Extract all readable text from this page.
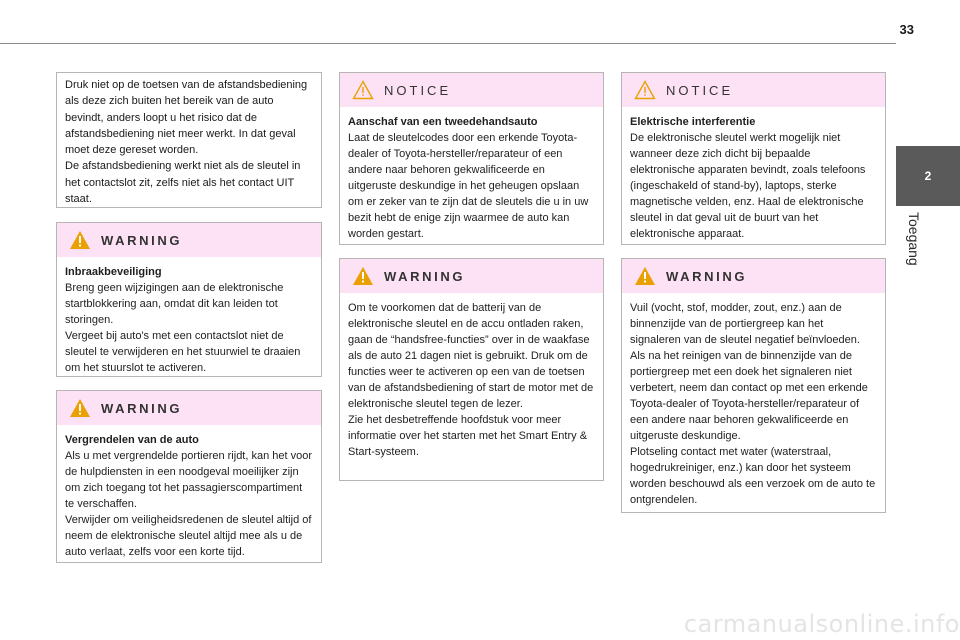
33
2
Toegang

Druk niet op de toetsen van de afstandsbediening als deze zich buiten het bereik van de auto bevindt, anders loopt u het risico dat de afstandsbediening niet meer werkt. In dat geval moet deze gereset worden.

De afstandsbediening werkt niet als de sleutel in het contactslot zit, zelfs niet als het contact UIT staat.

WARNING

Inbraakbeveiliging

Breng geen wijzigingen aan de elektronische startblokkering aan, omdat dit kan leiden tot storingen.

Vergeet bij auto's met een contactslot niet de sleutel te verwijderen en het stuurwiel te draaien om het stuurslot te activeren.

WARNING

Vergrendelen van de auto

Als u met vergrendelde portieren rijdt, kan het voor de hulpdiensten in een noodgeval moeilijker zijn om zich toegang tot het passagierscompartiment te verschaffen.

Verwijder om veiligheidsredenen de sleutel altijd of neem de elektronische sleutel altijd mee als u de auto verlaat, zelfs voor een korte tijd.

NOTICE

Aanschaf van een tweedehandsauto

Laat de sleutelcodes door een erkende Toyota-dealer of Toyota-hersteller/reparateur of een andere naar behoren gekwalificeerde en uitgeruste deskundige in het geheugen opslaan om er zeker van te zijn dat de sleutels die u in uw bezit hebt de enige zijn waarmee de auto kan worden gestart.

WARNING

Om te voorkomen dat de batterij van de elektronische sleutel en de accu ontladen raken, gaan de “handsfree-functies” over in de waakfase als de auto 21 dagen niet is gebruikt. Druk om de functies weer te activeren op een van de toetsen van de afstandsbediening of start de motor met de elektronische sleutel tegen de lezer.

Zie het desbetreffende hoofdstuk voor meer informatie over het starten met het Smart Entry & Start-systeem.

NOTICE

Elektrische interferentie

De elektronische sleutel werkt mogelijk niet wanneer deze zich dicht bij bepaalde elektronische apparaten bevindt, zoals telefoons (ingeschakeld of stand-by), laptops, sterke magnetische velden, enz. Haal de elektronische sleutel in dat geval uit de buurt van het elektronische apparaat.

WARNING

Vuil (vocht, stof, modder, zout, enz.) aan de binnenzijde van de portiergreep kan het signaleren van de sleutel negatief beïnvloeden. Als na het reinigen van de binnenzijde van de portiergreep met een doek het signaleren niet verbetert, neem dan contact op met een erkende Toyota-dealer of Toyota-hersteller/reparateur of een andere naar behoren gekwalificeerde en uitgeruste deskundige.

Plotseling contact met water (waterstraal, hogedrukreiniger, enz.) kan door het systeem worden beschouwd als een verzoek om de auto te ontgrendelen.

carmanualsonline.info
